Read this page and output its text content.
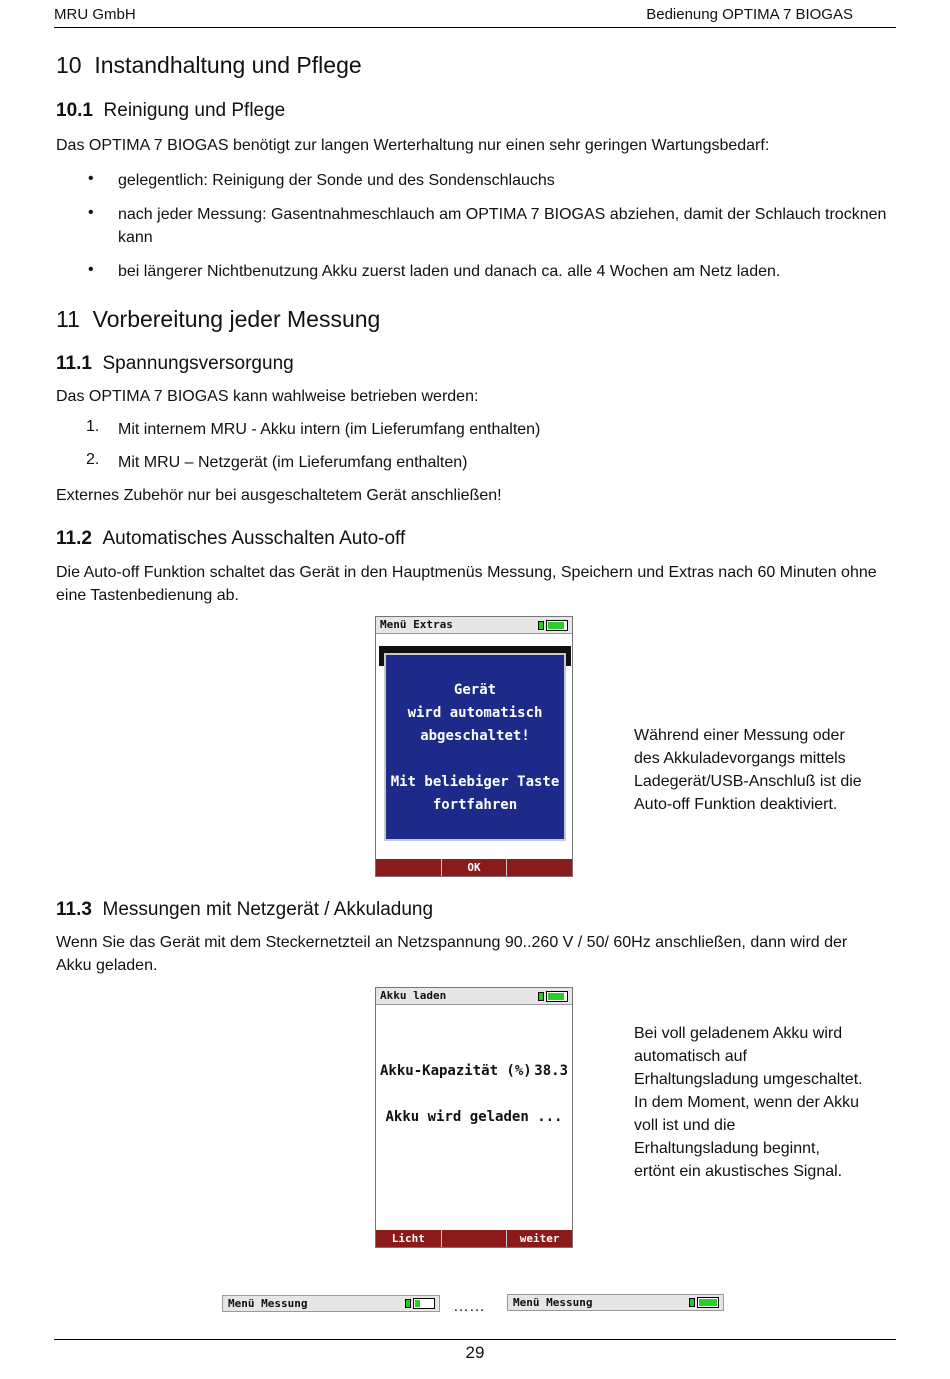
MRU GmbH	Bedienung OPTIMA 7 BIOGAS
10 Instandhaltung und Pflege
10.1 Reinigung und Pflege
Das OPTIMA 7 BIOGAS benötigt zur langen Werterhaltung nur einen sehr geringen Wartungsbedarf:
• gelegentlich: Reinigung der Sonde und des Sondenschlauchs
• nach jeder Messung: Gasentnahmeschlauch am OPTIMA 7 BIOGAS abziehen, damit der Schlauch trocknen kann
• bei längerer Nichtbenutzung Akku zuerst laden und danach ca. alle 4 Wochen am Netz laden.
11 Vorbereitung jeder Messung
11.1 Spannungsversorgung
Das OPTIMA 7 BIOGAS kann wahlweise betrieben werden:
1. Mit internem MRU - Akku intern (im Lieferumfang enthalten)
2. Mit MRU – Netzgerät (im Lieferumfang enthalten)
Externes Zubehör nur bei ausgeschaltetem Gerät anschließen!
11.2 Automatisches Ausschalten Auto-off
Die Auto-off Funktion schaltet das Gerät in den Hauptmenüs Messung, Speichern und Extras nach 60 Minuten ohne eine Tastenbedienung ab.
Menü Extras
Gerät
wird automatisch
abgeschaltet!
Mit beliebiger Taste
fortfahren
OK
Während einer Messung oder des Akkuladevorgangs mittels Ladegerät/USB-Anschluß ist die Auto-off Funktion deaktiviert.
11.3 Messungen mit Netzgerät / Akkuladung
Wenn Sie das Gerät mit dem Steckernetzteil an Netzspannung 90..260 V / 50/ 60Hz anschließen, dann wird der Akku geladen.
Akku laden
Akku-Kapazität (%) 38.3
Akku wird geladen ...
Licht	weiter
Bei voll geladenem Akku wird automatisch auf Erhaltungsladung umgeschaltet. In dem Moment, wenn der Akku voll ist und die Erhaltungsladung beginnt, ertönt ein akustisches Signal.
Menü Messung	……	Menü Messung
29
